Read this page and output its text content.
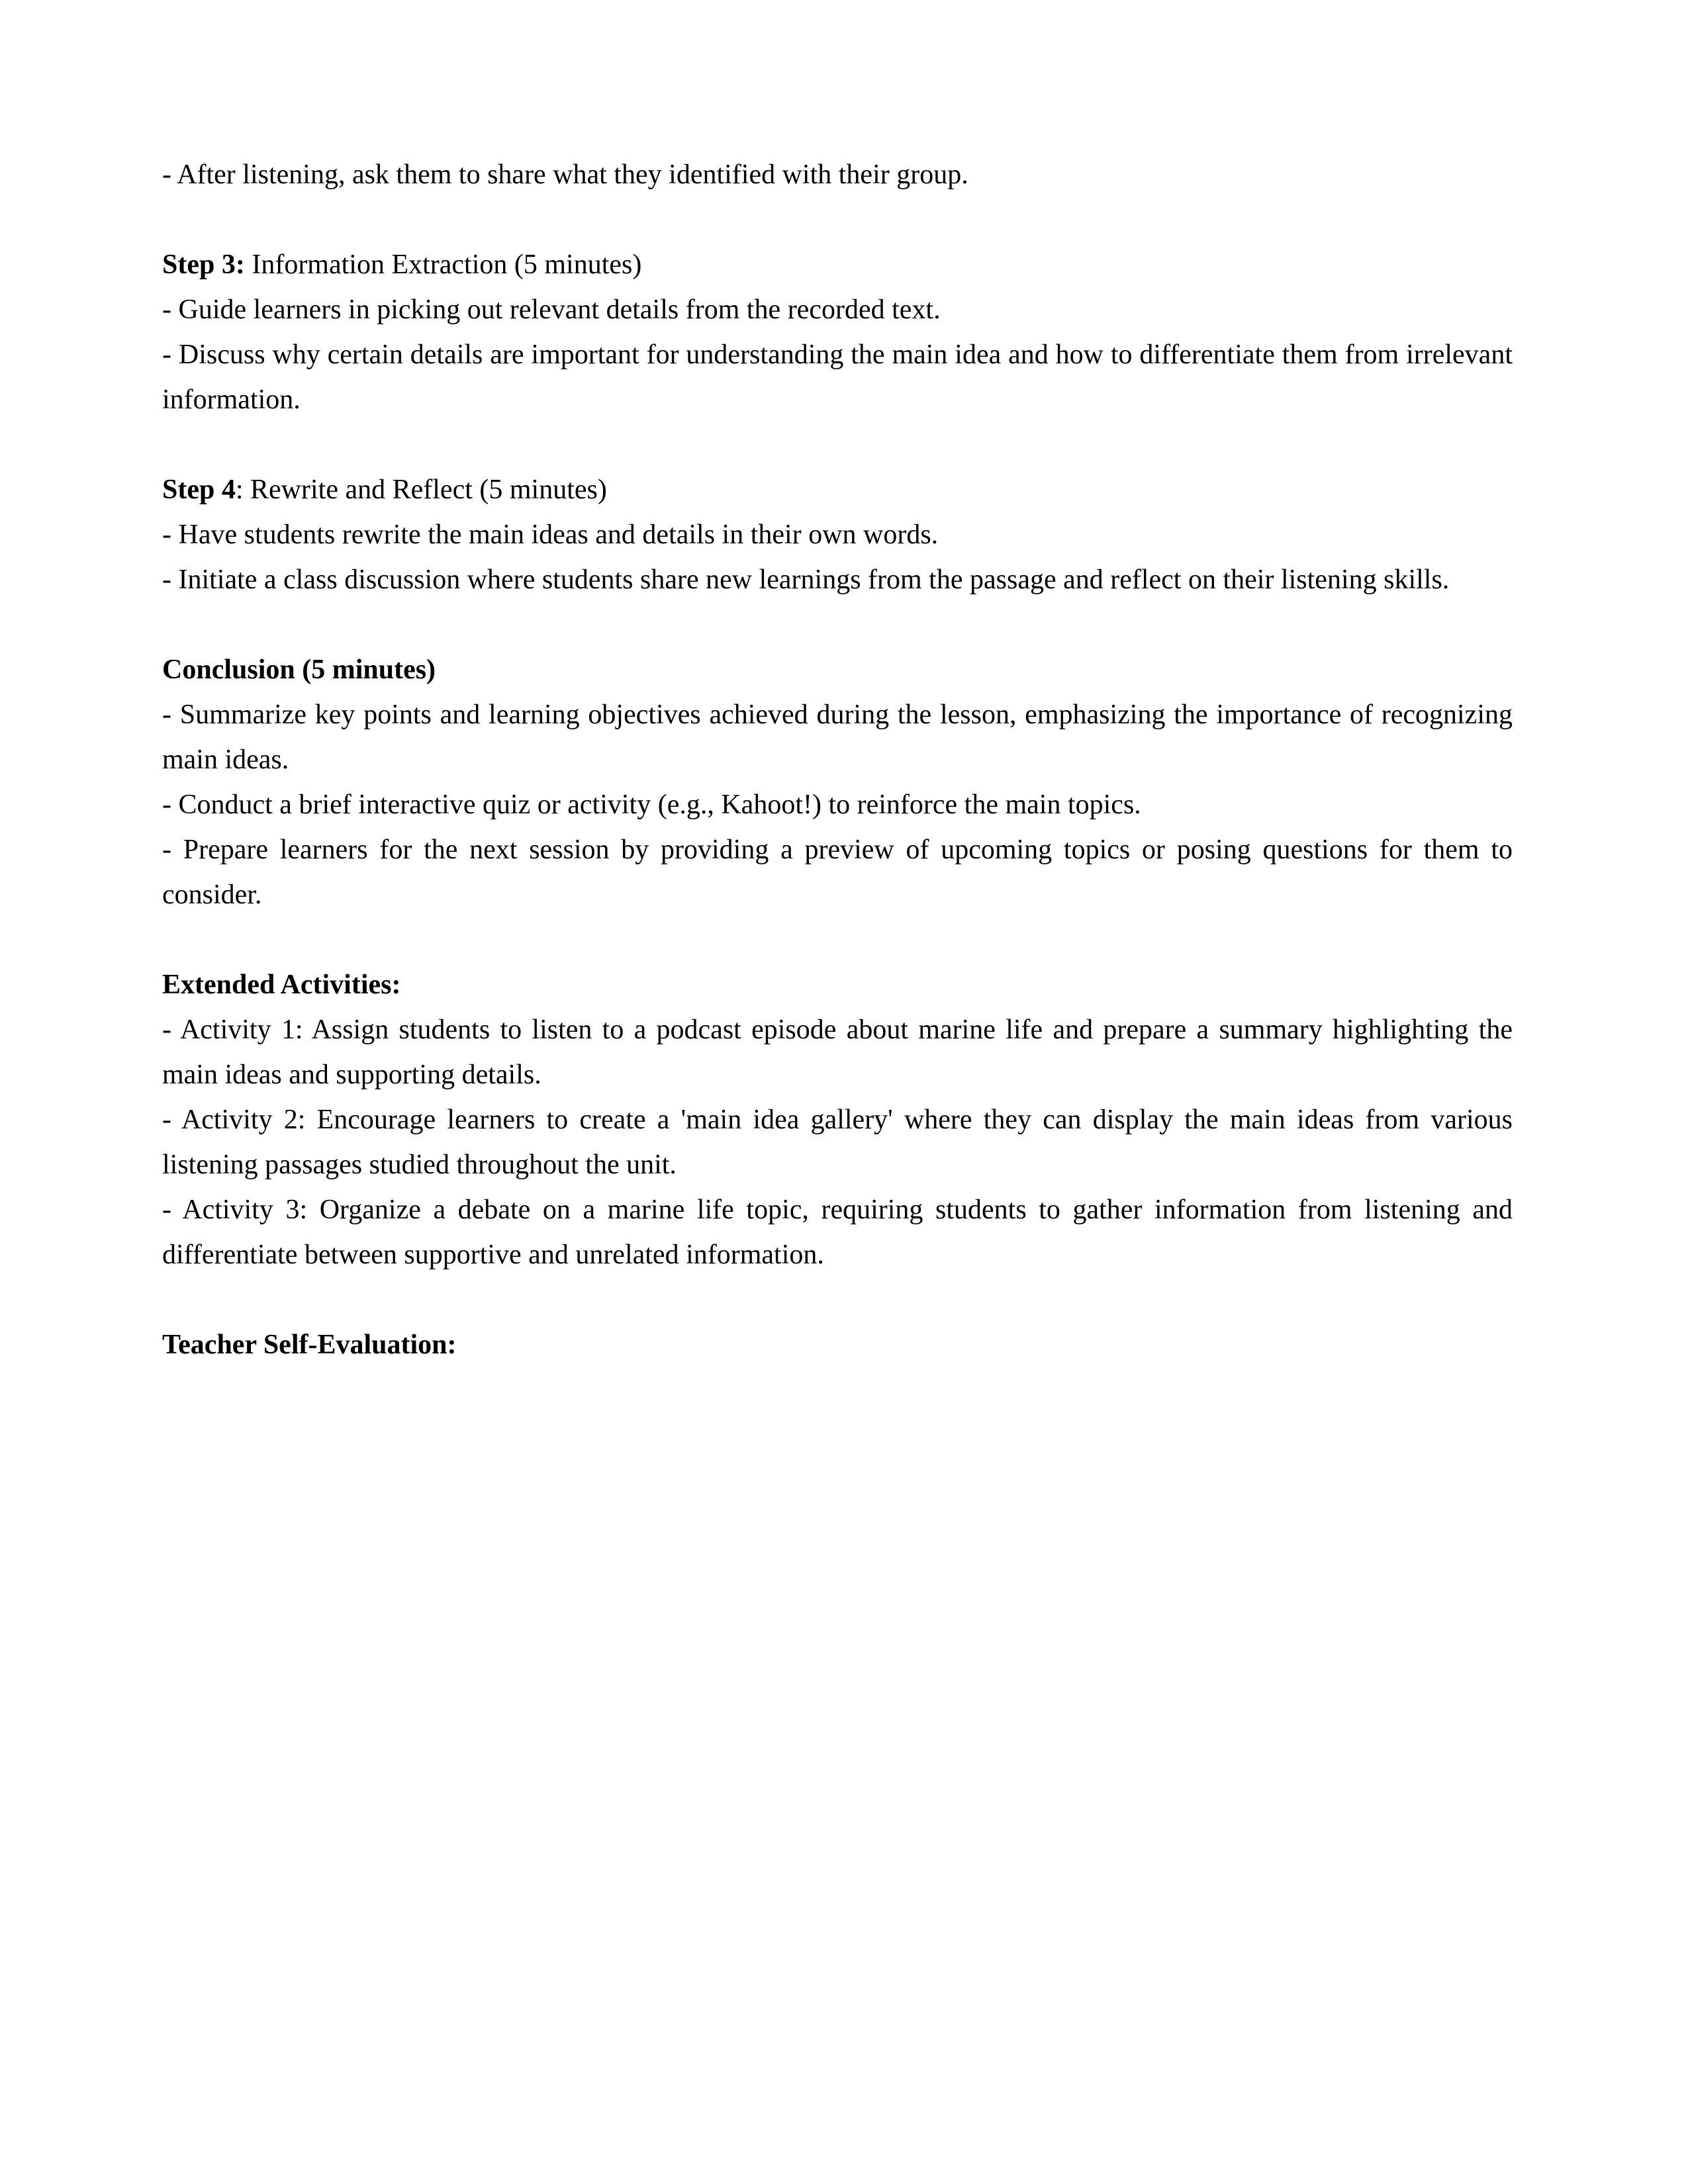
- After listening, ask them to share what they identified with their group.

Step 3: Information Extraction (5 minutes)

- Guide learners in picking out relevant details from the recorded text.

- Discuss why certain details are important for understanding the main idea and how to differentiate them from irrelevant information.

Step 4: Rewrite and Reflect (5 minutes)

- Have students rewrite the main ideas and details in their own words.

- Initiate a class discussion where students share new learnings from the passage and reflect on their listening skills.

Conclusion (5 minutes)

- Summarize key points and learning objectives achieved during the lesson, emphasizing the importance of recognizing main ideas.

- Conduct a brief interactive quiz or activity (e.g., Kahoot!) to reinforce the main topics.

- Prepare learners for the next session by providing a preview of upcoming topics or posing questions for them to consider.

Extended Activities:

- Activity 1: Assign students to listen to a podcast episode about marine life and prepare a summary highlighting the main ideas and supporting details.

- Activity 2: Encourage learners to create a 'main idea gallery' where they can display the main ideas from various listening passages studied throughout the unit.

- Activity 3: Organize a debate on a marine life topic, requiring students to gather information from listening and differentiate between supportive and unrelated information.

Teacher Self-Evaluation:
